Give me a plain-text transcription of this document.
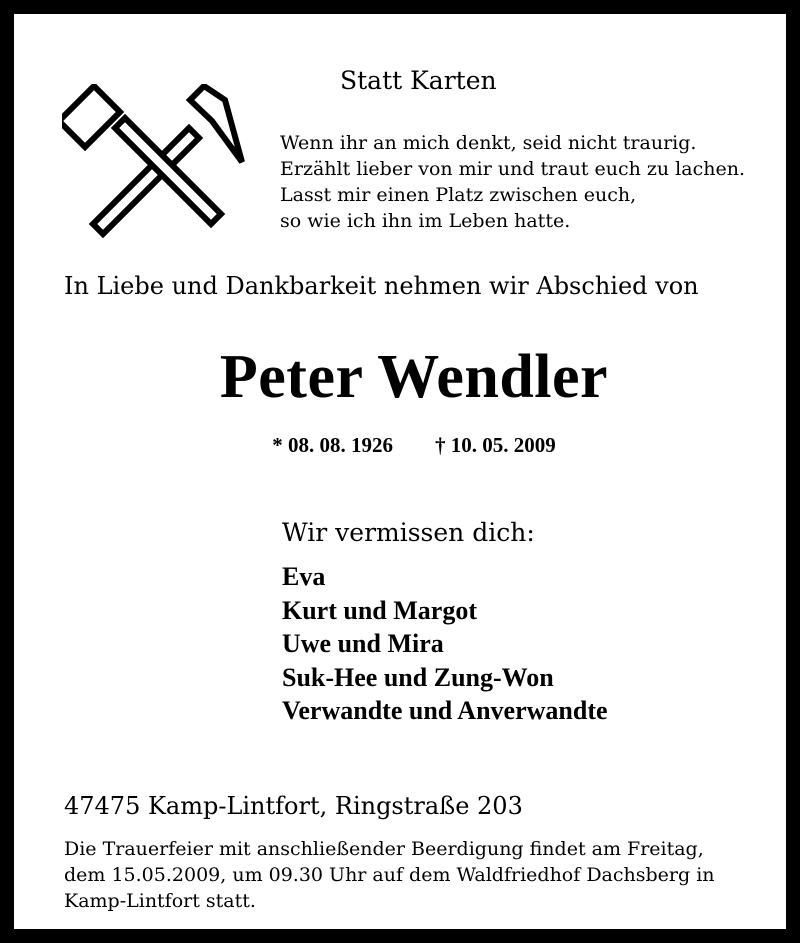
Statt Karten
Wenn ihr an mich denkt, seid nicht traurig.
Erzählt lieber von mir und traut euch zu lachen.
Lasst mir einen Platz zwischen euch,
so wie ich ihn im Leben hatte.
In Liebe und Dankbarkeit nehmen wir Abschied von
Peter Wendler
* 08. 08. 1926 † 10. 05. 2009
Wir vermissen dich:
Eva
Kurt und Margot
Uwe und Mira
Suk-Hee und Zung-Won
Verwandte und Anverwandte
47475 Kamp-Lintfort, Ringstraße 203
Die Trauerfeier mit anschließender Beerdigung findet am Freitag,
dem 15.05.2009, um 09.30 Uhr auf dem Waldfriedhof Dachsberg in
Kamp-Lintfort statt.
